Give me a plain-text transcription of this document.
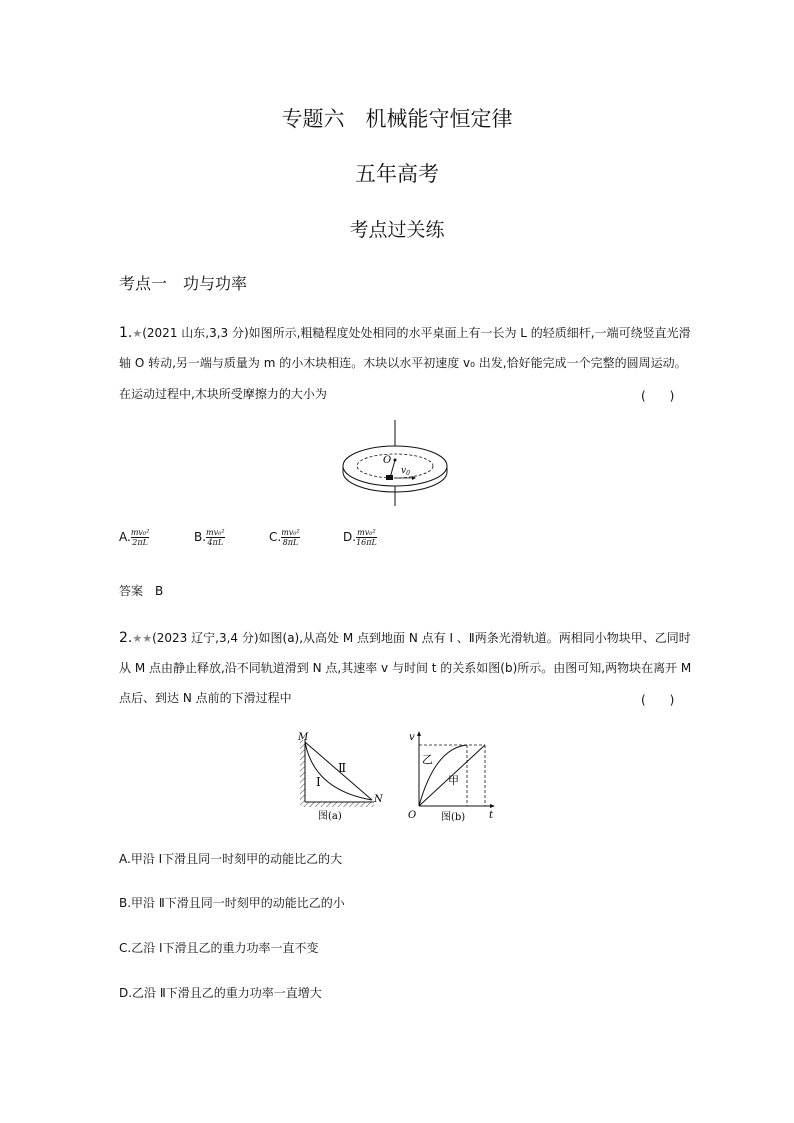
专题六　机械能守恒定律
五年高考
考点过关练
考点一　功与功率
1.★(2021 山东,3,3 分)如图所示,粗糙程度处处相同的水平桌面上有一长为 L 的轻质细杆,一端可绕竖直光滑
轴 O 转动,另一端与质量为 m 的小木块相连。木块以水平初速度 v₀ 出发,恰好能完成一个完整的圆周运动。
在运动过程中,木块所受摩擦力的大小为	(　　)
O
$v_0$
A. $\frac{\text{mv₀²}}{2\pi L}$	B. $\frac{\text{mv₀²}}{4\pi L}$	C. $\frac{\text{mv₀²}}{8\pi L}$	D. $\frac{\text{mv₀²}}{16\pi L}$
答案　B
2.★★(2023 辽宁,3,4 分)如图(a),从高处 M 点到地面 N 点有 Ⅰ 、Ⅱ两条光滑轨道。两相同小物块甲、乙同时
从 M 点由静止释放,沿不同轨道滑到 N 点,其速率 v 与时间 t 的关系如图(b)所示。由图可知,两物块在离开 M
点后、到达 N 点前的下滑过程中	(　　)
M
N
Ⅰ
Ⅱ
图(a)
v
t
O
乙
甲
图(b)
A.甲沿 Ⅰ下滑且同一时刻甲的动能比乙的大
B.甲沿 Ⅱ下滑且同一时刻甲的动能比乙的小
C.乙沿 Ⅰ下滑且乙的重力功率一直不变
D.乙沿 Ⅱ下滑且乙的重力功率一直增大
